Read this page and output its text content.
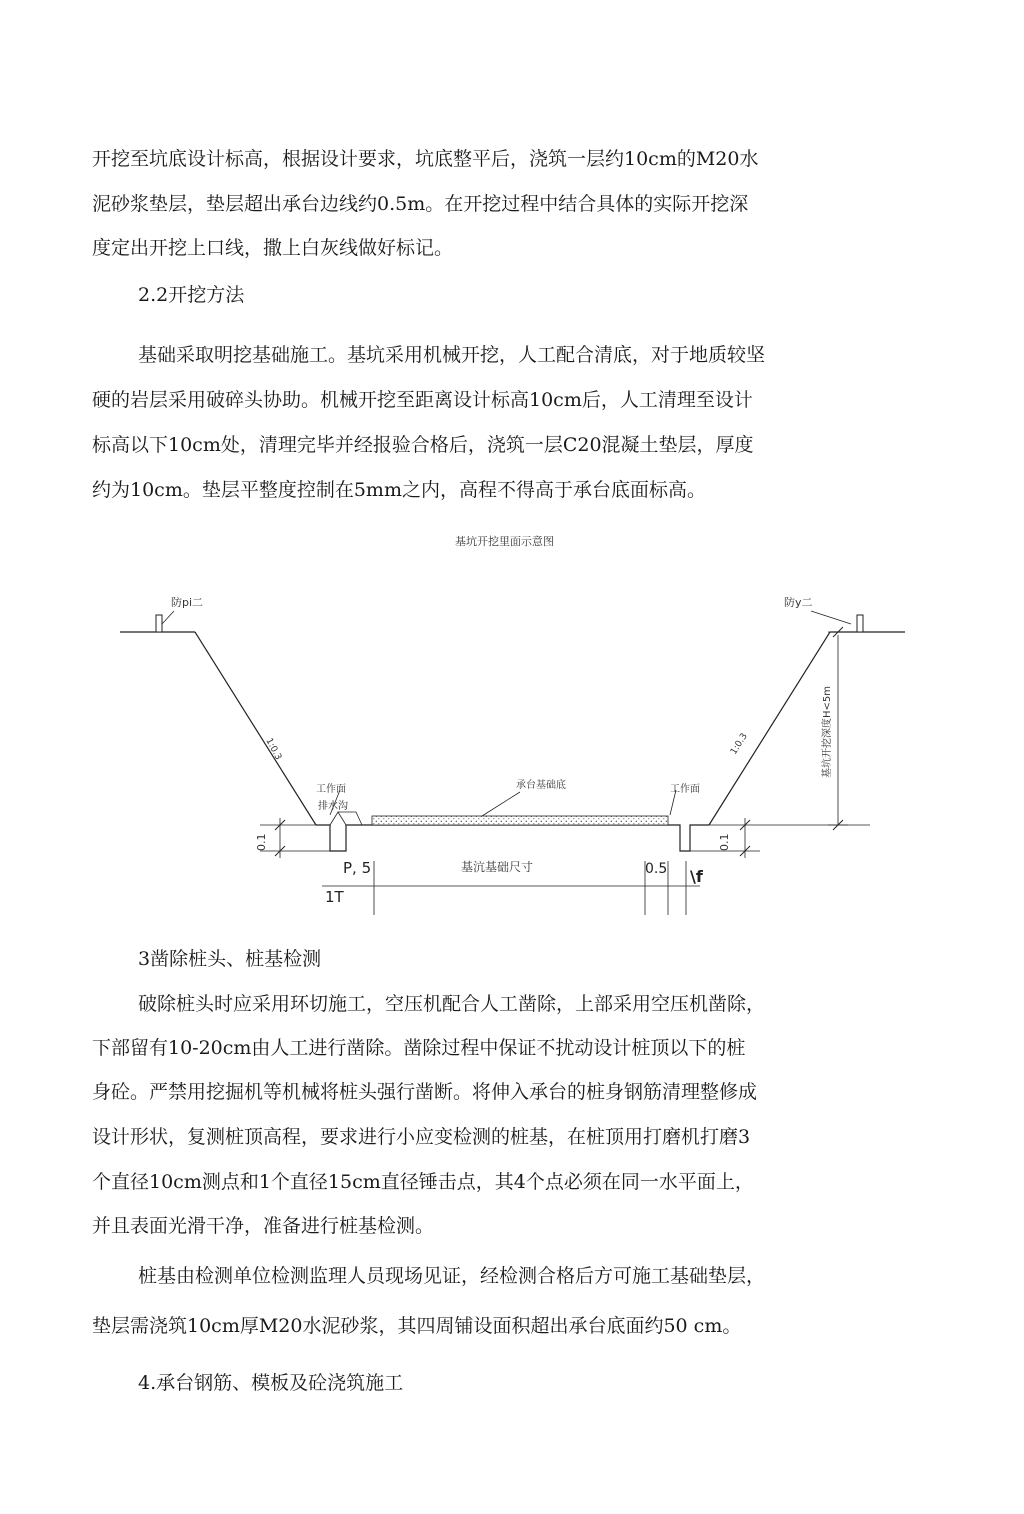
开挖至坑底设计标高，根据设计要求，坑底整平后，浇筑一层约10cm的M20水
泥砂浆垫层，垫层超出承台边线约0.5m。在开挖过程中结合具体的实际开挖深
度定出开挖上口线，撒上白灰线做好标记。
2.2开挖方法
基础采取明挖基础施工。基坑采用机械开挖，人工配合清底，对于地质较坚
硬的岩层采用破碎头协助。机械开挖至距离设计标高10cm后，人工清理至设计
标高以下10cm处，清理完毕并经报验合格后，浇筑一层C20混凝土垫层，厚度
约为10cm。垫层平整度控制在5mm之内，高程不得高于承台底面标高。
基坑开挖里面示意图
防pi二	防y二
1:0.3	1:0.3
工作面
排水沟
承台基础底	工作面
基坑开挖深度H<5m
0.1	0.1
P, 5	基沆基础尺寸	0.5 \f
1T
3凿除桩头、桩基检测
破除桩头时应采用环切施工，空压机配合人工凿除，上部采用空压机凿除，
下部留有10-20cm由人工进行凿除。凿除过程中保证不扰动设计桩顶以下的桩
身砼。严禁用挖掘机等机械将桩头强行凿断。将伸入承台的桩身钢筋清理整修成
设计形状，复测桩顶高程，要求进行小应变检测的桩基，在桩顶用打磨机打磨3
个直径10cm测点和1个直径15cm直径锤击点，其4个点必须在同一水平面上，
并且表面光滑干净，准备进行桩基检测。
桩基由检测单位检测监理人员现场见证，经检测合格后方可施工基础垫层，
垫层需浇筑10cm厚M20水泥砂浆，其四周铺设面积超出承台底面约50 cm。
4.承台钢筋、模板及砼浇筑施工
